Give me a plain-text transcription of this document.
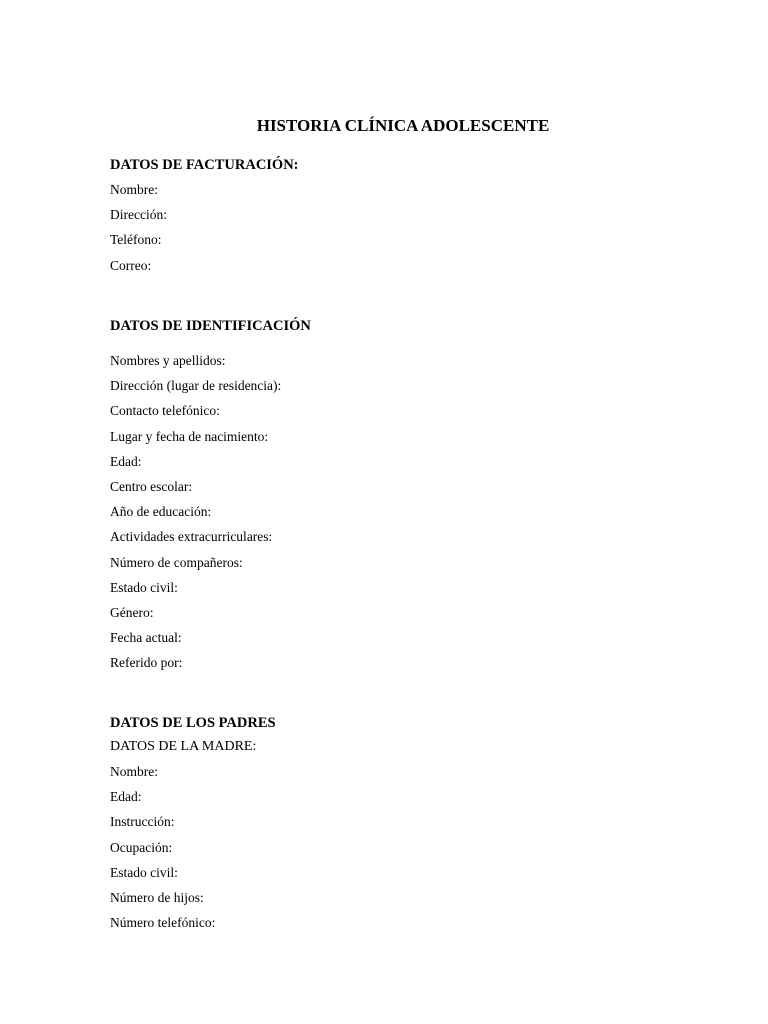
HISTORIA CLÍNICA ADOLESCENTE

DATOS DE FACTURACIÓN:

Nombre:

Dirección:

Teléfono:

Correo:

DATOS DE IDENTIFICACIÓN

Nombres y apellidos:

Dirección (lugar de residencia):

Contacto telefónico:

Lugar y fecha de nacimiento:

Edad:

Centro escolar:

Año de educación:

Actividades extracurriculares:

Número de compañeros:

Estado civil:

Género:

Fecha actual:

Referido por:

DATOS DE LOS PADRES

DATOS DE LA MADRE:

Nombre:

Edad:

Instrucción:

Ocupación:

Estado civil:

Número de hijos:

Número telefónico:
